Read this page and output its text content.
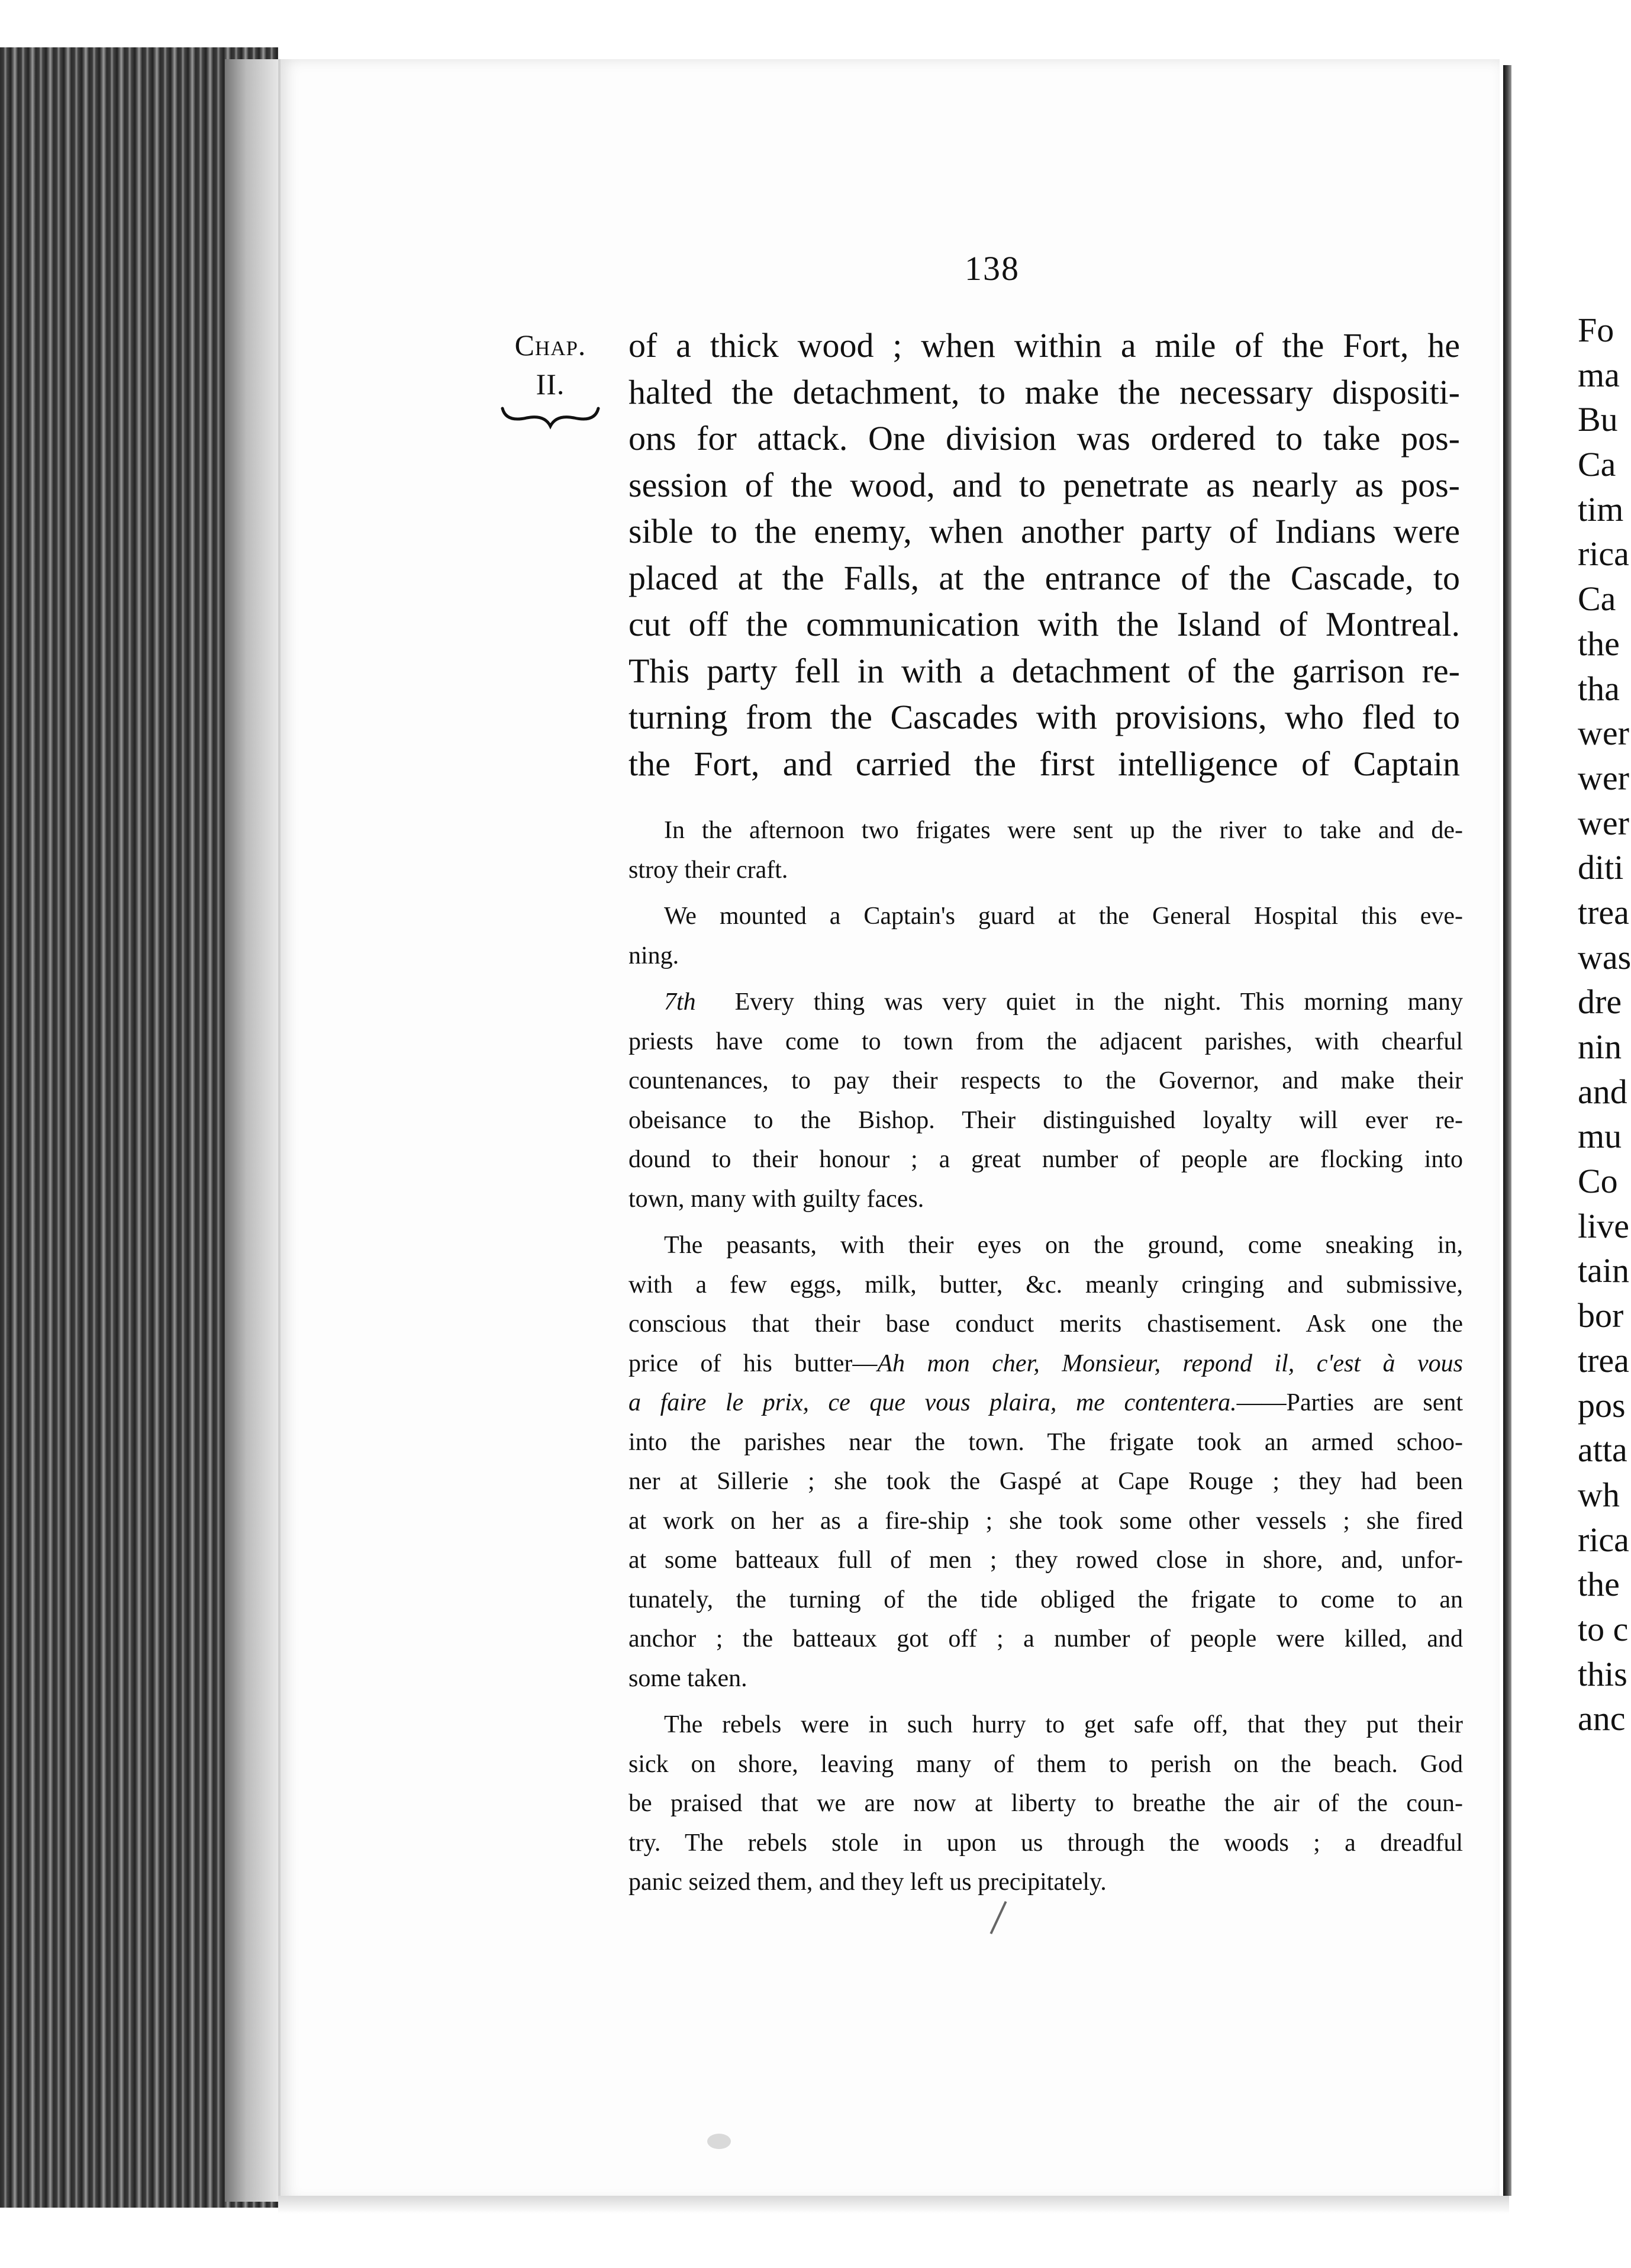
138
Chap.
II.
of a thick wood ; when within a mile of the Fort, he
halted the detachment, to make the necessary dispositi-
ons for attack. One division was ordered to take pos-
session of the wood, and to penetrate as nearly as pos-
sible to the enemy, when another party of Indians were
placed at the Falls, at the entrance of the Cascade, to
cut off the communication with the Island of Montreal.
This party fell in with a detachment of the garrison re-
turning from the Cascades with provisions, who fled to
the Fort, and carried the first intelligence of Captain
In the afternoon two frigates were sent up the river to take and de-
stroy their craft.
We mounted a Captain's guard at the General Hospital this eve-
ning.
7th Every thing was very quiet in the night. This morning many
priests have come to town from the adjacent parishes, with chearful
countenances, to pay their respects to the Governor, and make their
obeisance to the Bishop. Their distinguished loyalty will ever re-
dound to their honour ; a great number of people are flocking into
town, many with guilty faces.
The peasants, with their eyes on the ground, come sneaking in,
with a few eggs, milk, butter, &c. meanly cringing and submissive,
conscious that their base conduct merits chastisement. Ask one the
price of his butter—Ah mon cher, Monsieur, repond il, c'est à vous
a faire le prix, ce que vous plaira, me contentera.——Parties are sent
into the parishes near the town. The frigate took an armed schoo-
ner at Sillerie ; she took the Gaspé at Cape Rouge ; they had been
at work on her as a fire-ship ; she took some other vessels ; she fired
at some batteaux full of men ; they rowed close in shore, and, unfor-
tunately, the turning of the tide obliged the frigate to come to an
anchor ; the batteaux got off ; a number of people were killed, and
some taken.
The rebels were in such hurry to get safe off, that they put their
sick on shore, leaving many of them to perish on the beach. God
be praised that we are now at liberty to breathe the air of the coun-
try. The rebels stole in upon us through the woods ; a dreadful
panic seized them, and they left us precipitately.
Fo
ma
Bu
Ca
tim
rica
Ca
the
tha
wer
wer
wer
diti
trea
was
dre
nin
and
mu
Co
live
tain
bor
trea
pos
atta
wh
rica
the
to c
this
anc
